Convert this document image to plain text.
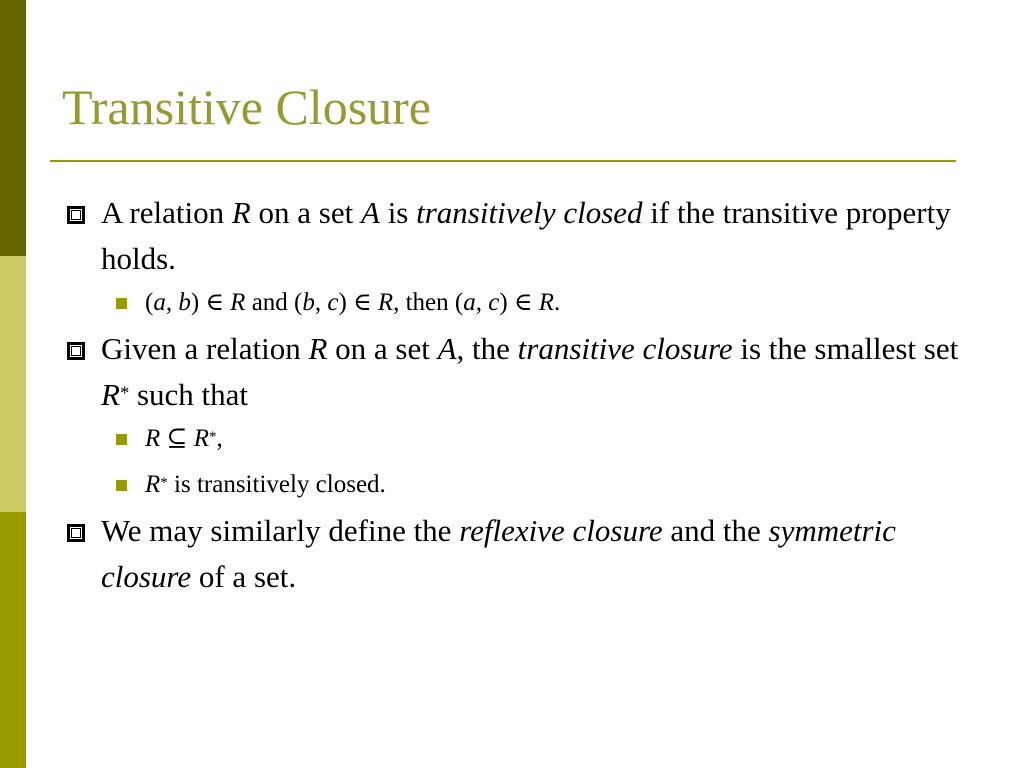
Transitive Closure
A relation R on a set A is transitively closed if the transitive property holds.
(a, b) ∈ R and (b, c) ∈ R, then (a, c) ∈ R.
Given a relation R on a set A, the transitive closure is the smallest set R* such that
R ⊆ R*,
R* is transitively closed.
We may similarly define the reflexive closure and the symmetric closure of a set.
